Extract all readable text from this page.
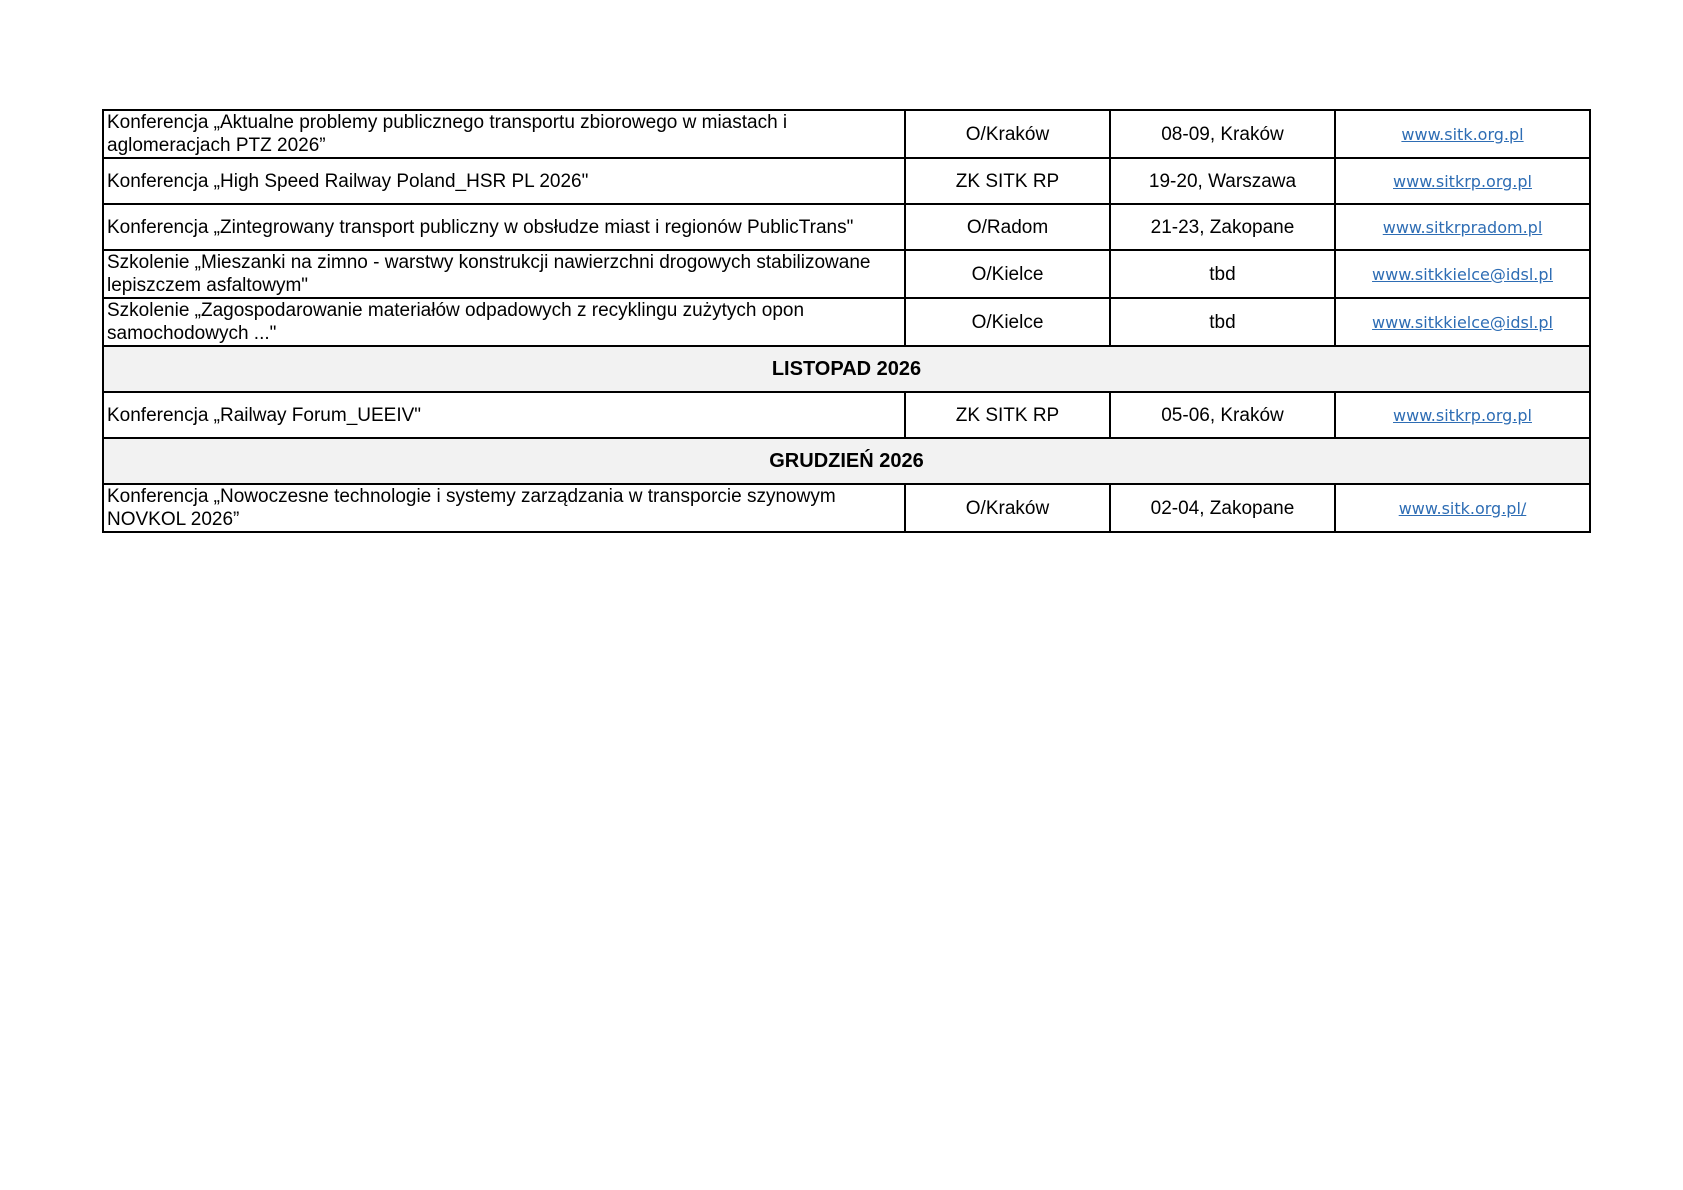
Konferencja „Aktualne problemy publicznego transportu zbiorowego w miastach i aglomeracjach PTZ 2026”	O/Kraków	08-09, Kraków	www.sitk.org.pl
Konferencja „High Speed Railway Poland_HSR PL 2026"	ZK SITK RP	19-20, Warszawa	www.sitkrp.org.pl
Konferencja „Zintegrowany transport publiczny w obsłudze miast i regionów PublicTrans"	O/Radom	21-23, Zakopane	www.sitkrpradom.pl
Szkolenie „Mieszanki na zimno - warstwy konstrukcji nawierzchni drogowych stabilizowane lepiszczem asfaltowym"	O/Kielce	tbd	www.sitkkielce@idsl.pl
Szkolenie „Zagospodarowanie materiałów odpadowych z recyklingu zużytych opon samochodowych ..."	O/Kielce	tbd	www.sitkkielce@idsl.pl
LISTOPAD 2026			
Konferencja „Railway Forum_UEEIV"	ZK SITK RP	05-06, Kraków	www.sitkrp.org.pl
GRUDZIEŃ 2026			
Konferencja „Nowoczesne technologie i systemy zarządzania w transporcie szynowym NOVKOL 2026”	O/Kraków	02-04, Zakopane	www.sitk.org.pl/
